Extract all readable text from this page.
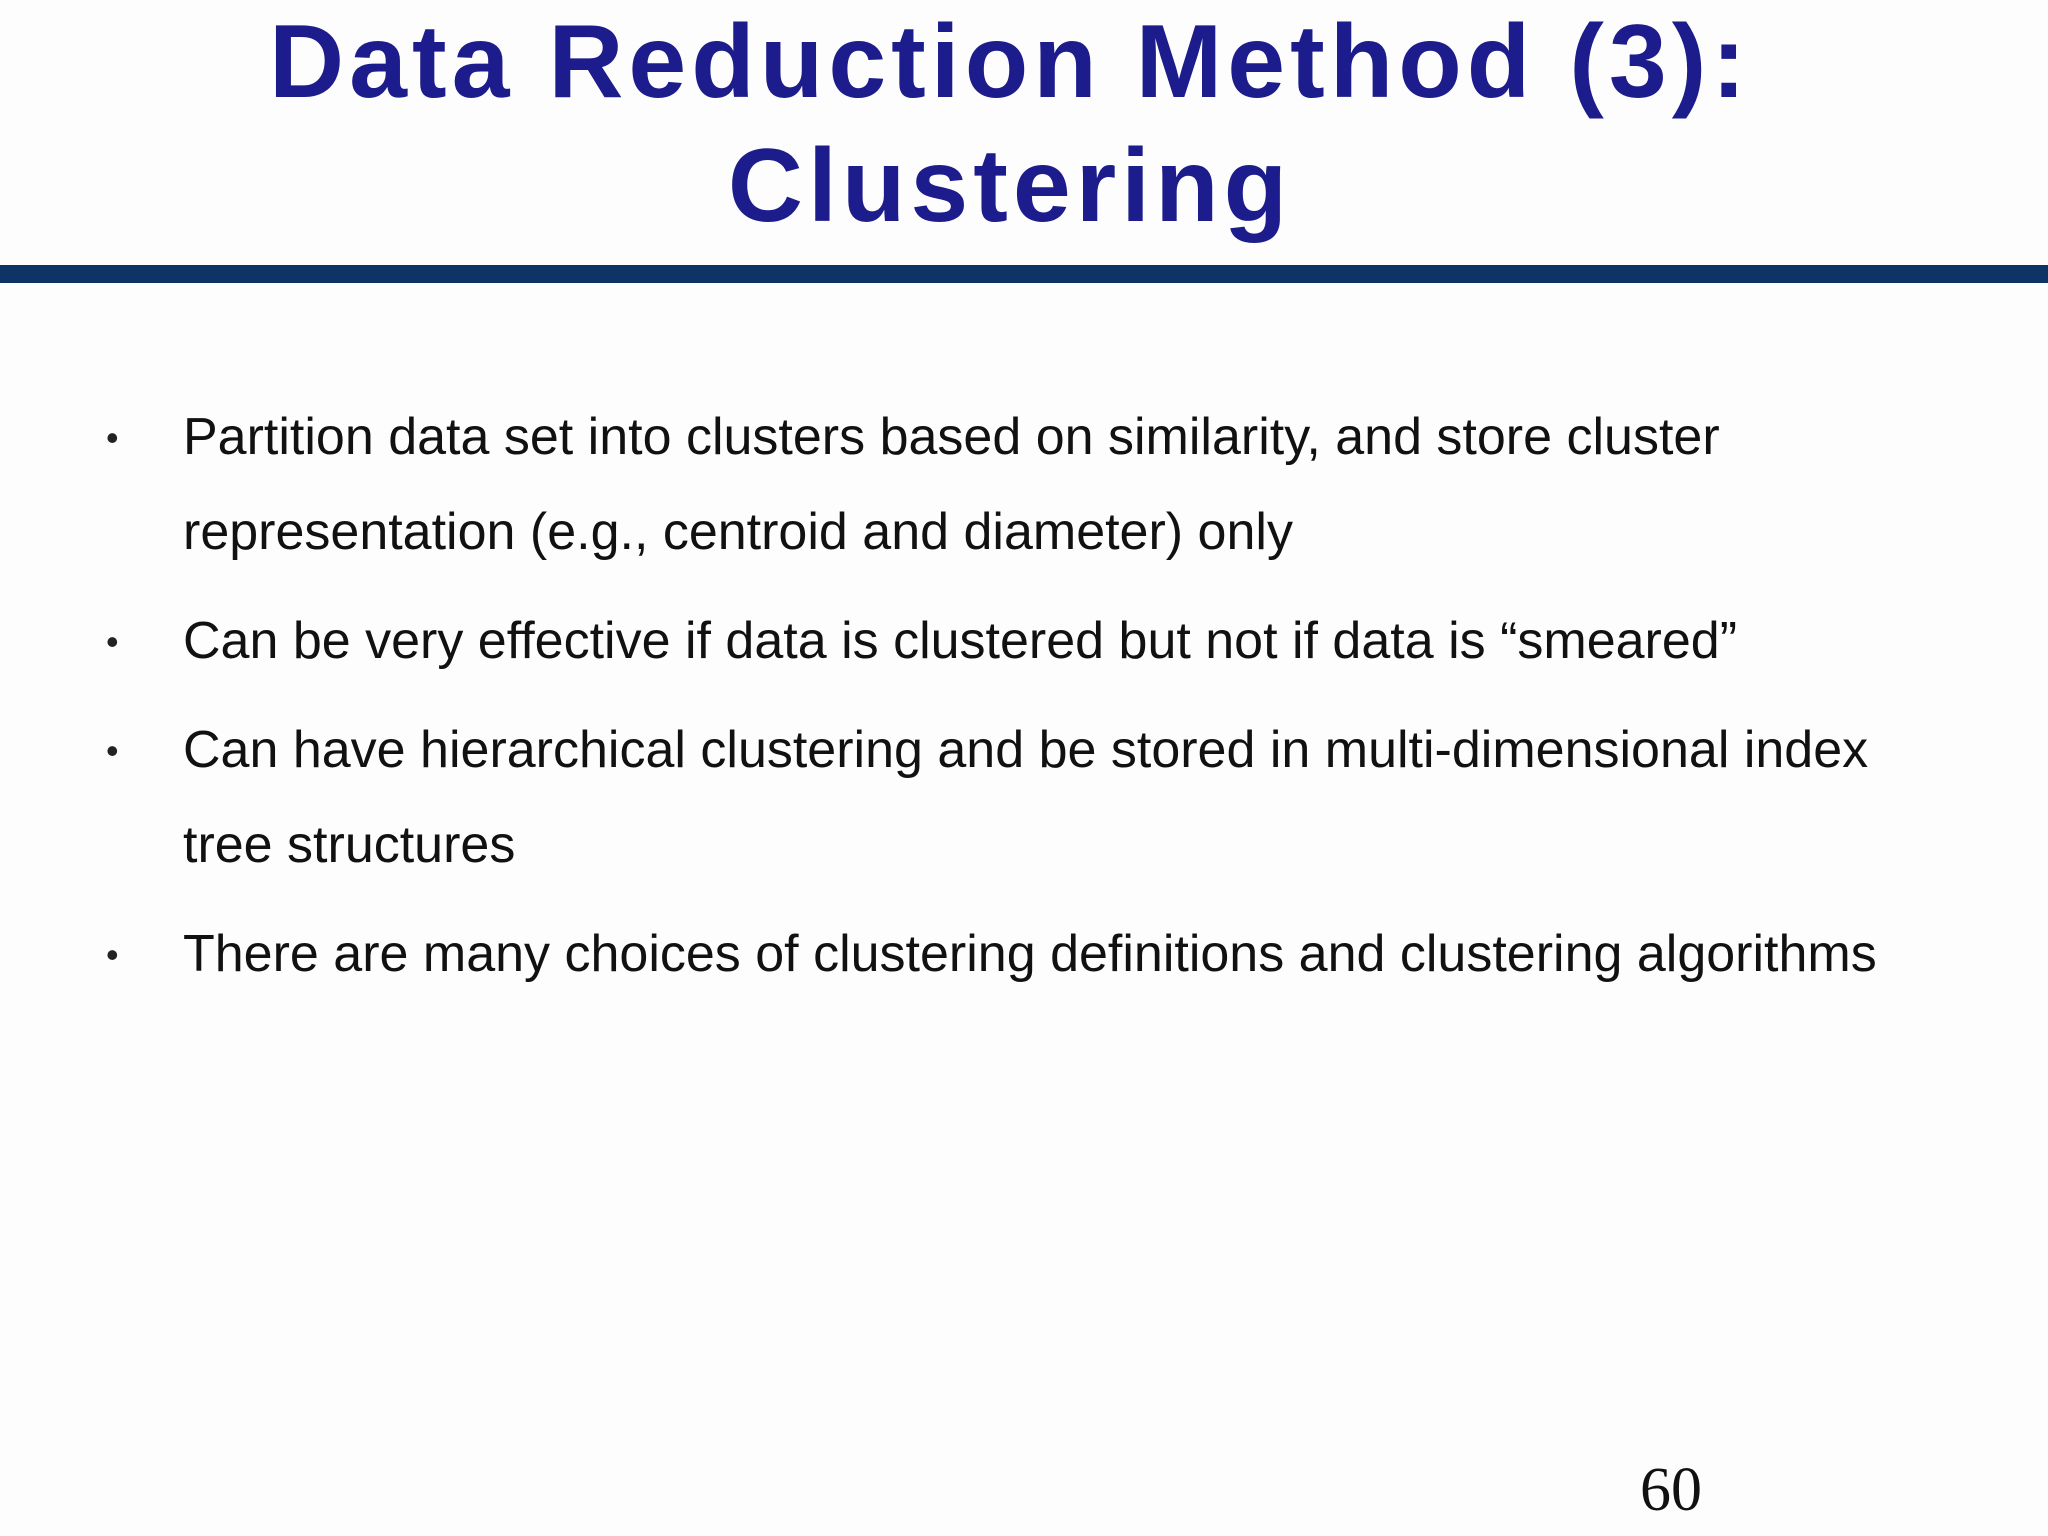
Data Reduction Method (3):
Clustering
• Partition data set into clusters based on similarity, and store cluster representation (e.g., centroid and diameter) only
• Can be very effective if data is clustered but not if data is “smeared”
• Can have hierarchical clustering and be stored in multi-dimensional index tree structures
• There are many choices of clustering definitions and clustering algorithms
60
